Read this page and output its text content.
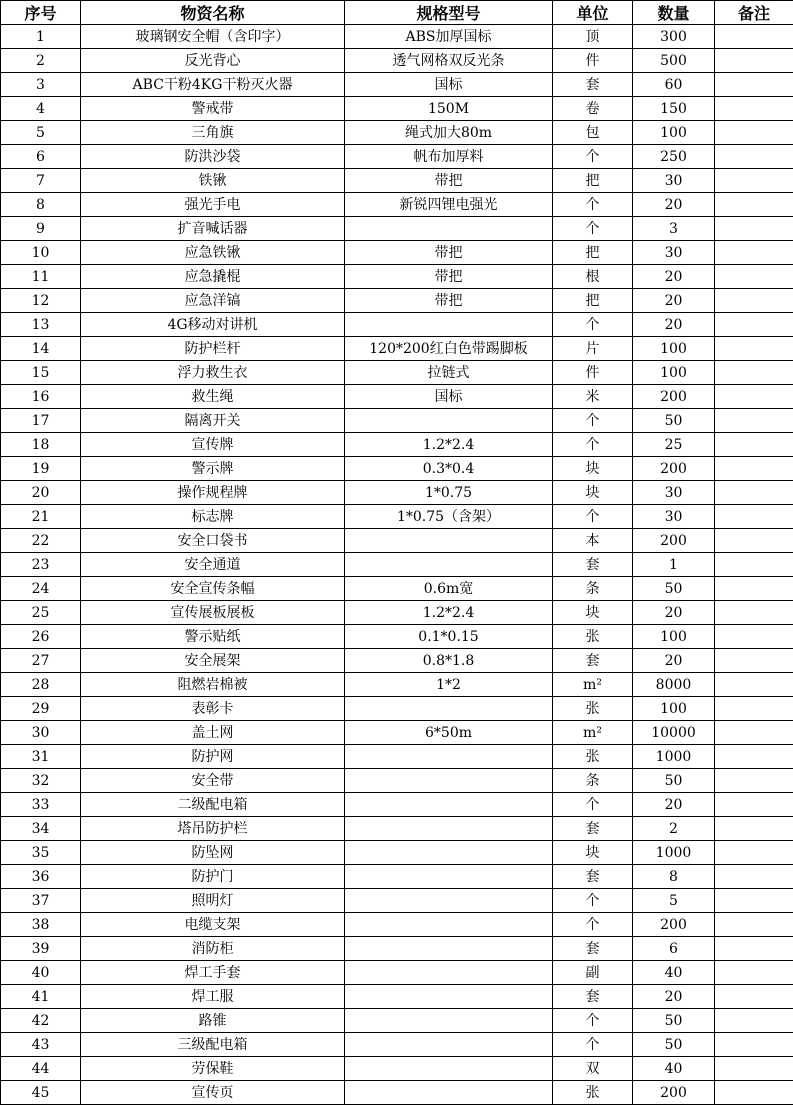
序号	物资名称	规格型号	单位	数量	备注
1	玻璃钢安全帽（含印字）	ABS加厚国标	顶	300	
2	反光背心	透气网格双反光条	件	500	
3	ABC干粉4KG干粉灭火器	国标	套	60	
4	警戒带	150M	卷	150	
5	三角旗	绳式加大80m	包	100	
6	防洪沙袋	帆布加厚料	个	250	
7	铁锹	带把	把	30	
8	强光手电	新锐四锂电强光	个	20	
9	扩音喊话器		个	3	
10	应急铁锹	带把	把	30	
11	应急撬棍	带把	根	20	
12	应急洋镐	带把	把	20	
13	4G移动对讲机		个	20	
14	防护栏杆	120*200红白色带踢脚板	片	100	
15	浮力救生衣	拉链式	件	100	
16	救生绳	国标	米	200	
17	隔离开关		个	50	
18	宣传牌	1.2*2.4	个	25	
19	警示牌	0.3*0.4	块	200	
20	操作规程牌	1*0.75	块	30	
21	标志牌	1*0.75（含架）	个	30	
22	安全口袋书		本	200	
23	安全通道		套	1	
24	安全宣传条幅	0.6m宽	条	50	
25	宣传展板展板	1.2*2.4	块	20	
26	警示贴纸	0.1*0.15	张	100	
27	安全展架	0.8*1.8	套	20	
28	阻燃岩棉被	1*2	m²	8000	
29	表彰卡		张	100	
30	盖土网	6*50m	m²	10000	
31	防护网		张	1000	
32	安全带		条	50	
33	二级配电箱		个	20	
34	塔吊防护栏		套	2	
35	防坠网		块	1000	
36	防护门		套	8	
37	照明灯		个	5	
38	电缆支架		个	200	
39	消防柜		套	6	
40	焊工手套		副	40	
41	焊工服		套	20	
42	路锥		个	50	
43	三级配电箱		个	50	
44	劳保鞋		双	40	
45	宣传页		张	200	
